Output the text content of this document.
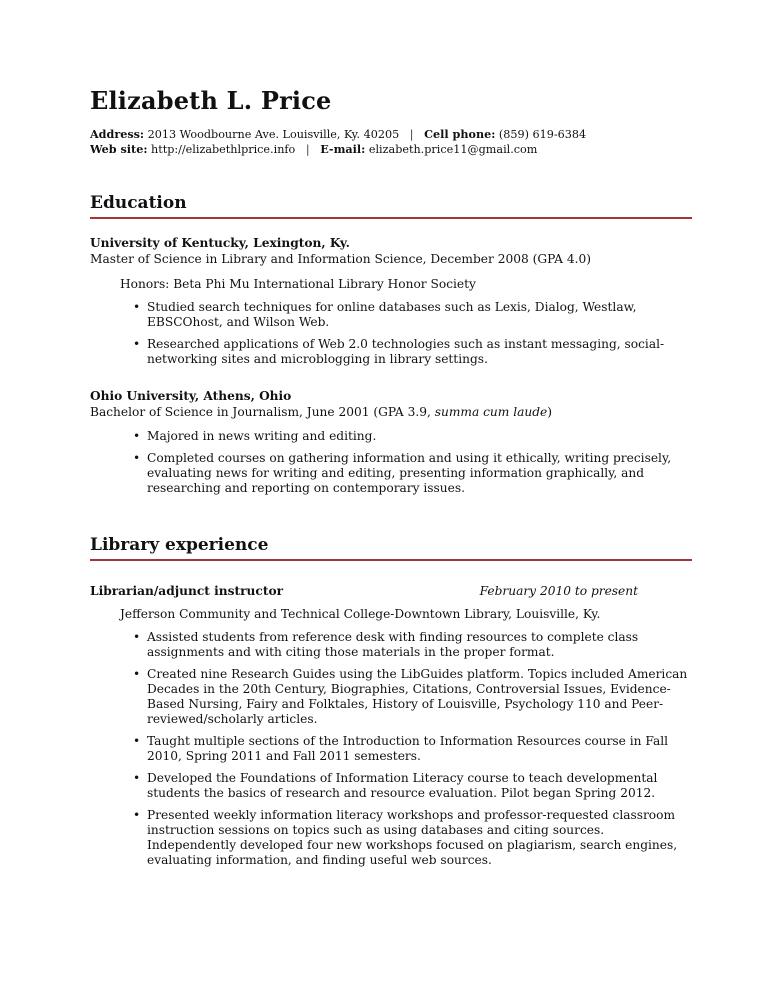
Elizabeth L. Price
Address: 2013 Woodbourne Ave. Louisville, Ky. 40205 | Cell phone: (859) 619-6384
Web site: http://elizabethlprice.info | E-mail: elizabeth.price11@gmail.com
Education
University of Kentucky, Lexington, Ky.
Master of Science in Library and Information Science, December 2008 (GPA 4.0)
Honors: Beta Phi Mu International Library Honor Society
• Studied search techniques for online databases such as Lexis, Dialog, Westlaw, EBSCOhost, and Wilson Web.
• Researched applications of Web 2.0 technologies such as instant messaging, social-networking sites and microblogging in library settings.
Ohio University, Athens, Ohio
Bachelor of Science in Journalism, June 2001 (GPA 3.9, summa cum laude)
• Majored in news writing and editing.
• Completed courses on gathering information and using it ethically, writing precisely, evaluating news for writing and editing, presenting information graphically, and researching and reporting on contemporary issues.
Library experience
Librarian/adjunct instructor	February 2010 to present
Jefferson Community and Technical College-Downtown Library, Louisville, Ky.
• Assisted students from reference desk with finding resources to complete class assignments and with citing those materials in the proper format.
• Created nine Research Guides using the LibGuides platform. Topics included American Decades in the 20th Century, Biographies, Citations, Controversial Issues, Evidence-Based Nursing, Fairy and Folktales, History of Louisville, Psychology 110 and Peer-reviewed/scholarly articles.
• Taught multiple sections of the Introduction to Information Resources course in Fall 2010, Spring 2011 and Fall 2011 semesters.
• Developed the Foundations of Information Literacy course to teach developmental students the basics of research and resource evaluation. Pilot began Spring 2012.
• Presented weekly information literacy workshops and professor-requested classroom instruction sessions on topics such as using databases and citing sources. Independently developed four new workshops focused on plagiarism, search engines, evaluating information, and finding useful web sources.
